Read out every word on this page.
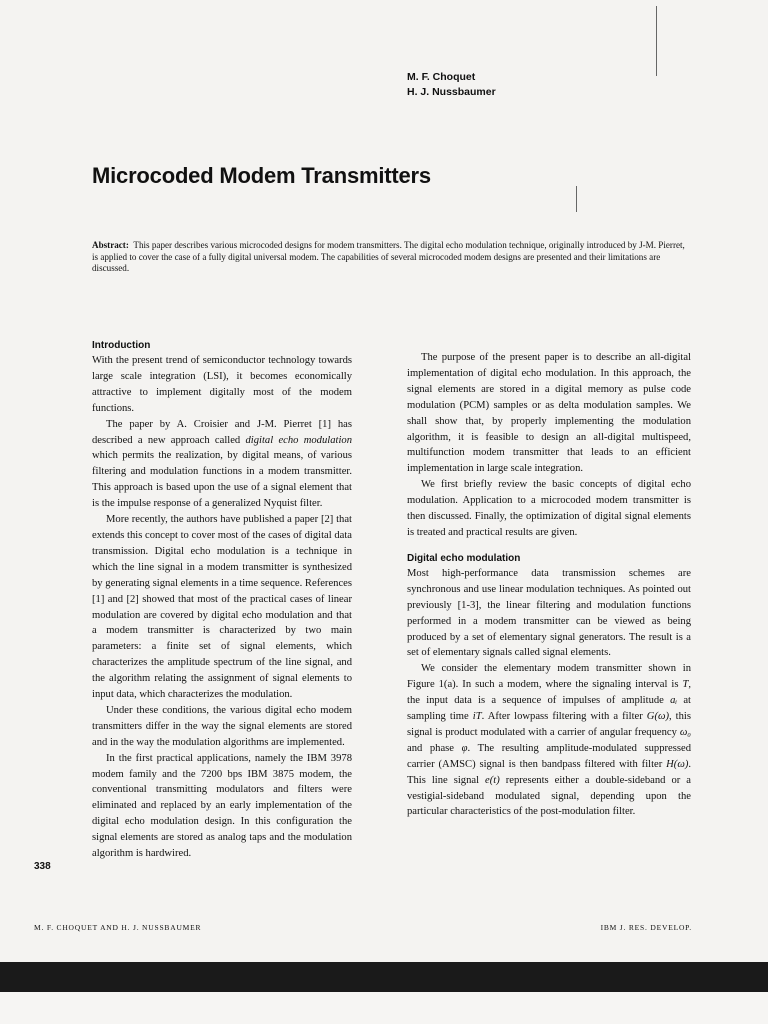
M. F. Choquet
H. J. Nussbaumer
Microcoded Modem Transmitters
Abstract: This paper describes various microcoded designs for modem transmitters. The digital echo modulation technique, originally introduced by J-M. Pierret, is applied to cover the case of a fully digital universal modem. The capabilities of several microcoded modem designs are presented and their limitations are discussed.
Introduction

With the present trend of semiconductor technology towards large scale integration (LSI), it becomes economically attractive to implement digitally most of the modem functions.

The paper by A. Croisier and J-M. Pierret [1] has described a new approach called digital echo modulation which permits the realization, by digital means, of various filtering and modulation functions in a modem transmitter. This approach is based upon the use of a signal element that is the impulse response of a generalized Nyquist filter.

More recently, the authors have published a paper [2] that extends this concept to cover most of the cases of digital data transmission. Digital echo modulation is a technique in which the line signal in a modem transmitter is synthesized by generating signal elements in a time sequence. References [1] and [2] showed that most of the practical cases of linear modulation are covered by digital echo modulation and that a modem transmitter is characterized by two main parameters: a finite set of signal elements, which characterizes the amplitude spectrum of the line signal, and the algorithm relating the assignment of signal elements to input data, which characterizes the modulation.

Under these conditions, the various digital echo modem transmitters differ in the way the signal elements are stored and in the way the modulation algorithms are implemented.

In the first practical applications, namely the IBM 3978 modem family and the 7200 bps IBM 3875 modem, the conventional transmitting modulators and filters were eliminated and replaced by an early implementation of the digital echo modulation design. In this configuration the signal elements are stored as analog taps and the modulation algorithm is hardwired.

The purpose of the present paper is to describe an all-digital implementation of digital echo modulation. In this approach, the signal elements are stored in a digital memory as pulse code modulation (PCM) samples or as delta modulation samples. We shall show that, by properly implementing the modulation algorithm, it is feasible to design an all-digital multispeed, multifunction modem transmitter that leads to an efficient implementation in large scale integration.

We first briefly review the basic concepts of digital echo modulation. Application to a microcoded modem transmitter is then discussed. Finally, the optimization of digital signal elements is treated and practical results are given.

Digital echo modulation

Most high-performance data transmission schemes are synchronous and use linear modulation techniques. As pointed out previously [1-3], the linear filtering and modulation functions performed in a modem transmitter can be viewed as being produced by a set of elementary signal generators. The result is a set of elementary signals called signal elements.

We consider the elementary modem transmitter shown in Figure 1(a). In such a modem, where the signaling interval is T, the input data is a sequence of impulses of amplitude aᵢ at sampling time iT. After lowpass filtering with a filter G(ω), this signal is product modulated with a carrier of angular frequency ω₀ and phase φ. The resulting amplitude-modulated suppressed carrier (AMSC) signal is then bandpass filtered with filter H(ω). This line signal e(t) represents either a double-sideband or a vestigial-sideband modulated signal, depending upon the particular characteristics of the post-modulation filter.

338
M. F. CHOQUET AND H. J. NUSSBAUMER	IBM J. RES. DEVELOP.
